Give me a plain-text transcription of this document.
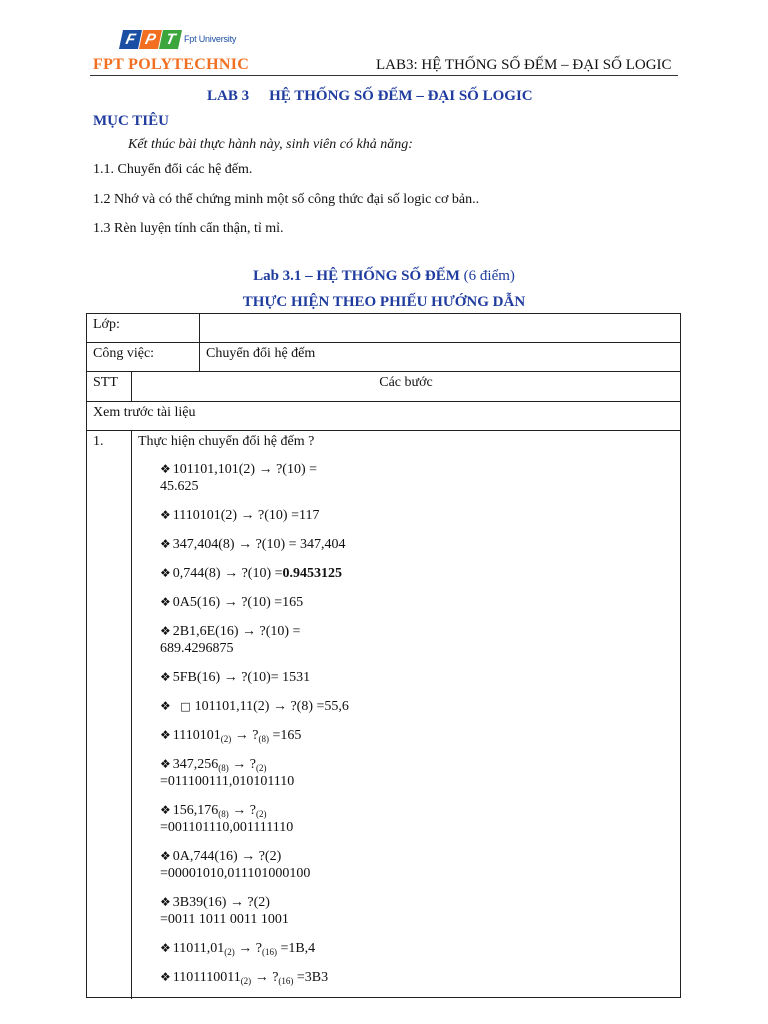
F P T Fpt University
FPT POLYTECHNIC	LAB3: HỆ THỐNG SỐ ĐẾM – ĐẠI SỐ LOGIC
LAB 3 HỆ THỐNG SỐ ĐẾM – ĐẠI SỐ LOGIC
MỤC TIÊU
Kết thúc bài thực hành này, sinh viên có khả năng:
1.1. Chuyển đổi các hệ đếm.
1.2 Nhớ và có thể chứng minh một số công thức đại số logic cơ bản..
1.3 Rèn luyện tính cẩn thận, tỉ mỉ.
Lab 3.1 – HỆ THỐNG SỐ ĐẾM (6 điểm)
THỰC HIỆN THEO PHIẾU HƯỚNG DẪN
Lớp:
Công việc:	Chuyển đổi hệ đếm
STT	Các bước
Xem trước tài liệu
1.	Thực hiện chuyển đổi hệ đếm ?
❖ 101101,101(2) → ?(10) =
45.625
❖ 1110101(2) → ?(10) =117
❖ 347,404(8) → ?(10) = 347,404
❖ 0,744(8) → ?(10) =0.9453125
❖ 0A5(16) → ?(10) =165
❖ 2B1,6E(16) → ?(10) =
689.4296875
❖ 5FB(16) → ?(10)= 1531
❖ □ 101101,11(2) → ?(8) =55,6
❖ $1110101_{(2)}$ → $?_{(8)} =165$
❖ $347,256_{(8)}$ → $?_{(2)}$
=011100111,010101110
❖ $156,176_{(8)}$ → $?_{(2)}$
=001101110,001111110
❖ 0A,744(16) → ?(2)
=00001010,011101000100
❖ 3B39(16) → ?(2)
=0011 1011 0011 1001
❖ $11011,01_{(2)}$ → $?_{(16)} =1B,4$
❖ $1101110011_{(2)}$ → $?_{(16)} =3B3$
